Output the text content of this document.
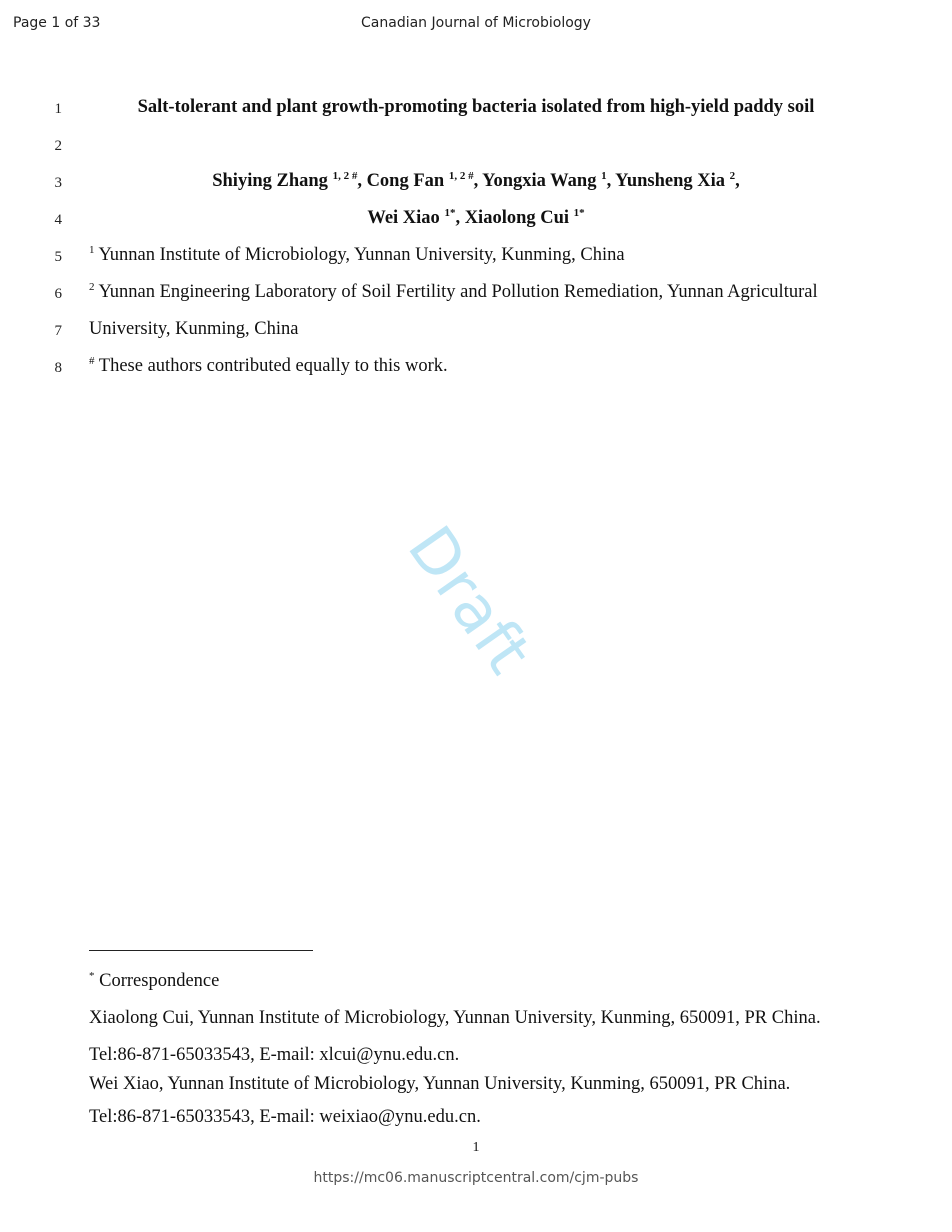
Page 1 of 33	Canadian Journal of Microbiology
1
2
3
4
5
6
7
8
Salt-tolerant and plant growth-promoting bacteria isolated from high-yield paddy soil
Shiying Zhang $^{1, 2 \#}$, Cong Fan $^{1, 2 \#}$, Yongxia Wang $^1$, Yunsheng Xia $^2$,
Wei Xiao $^{1*}$, Xiaolong Cui $^{1*}$
$^1$ Yunnan Institute of Microbiology, Yunnan University, Kunming, China
$^2$ Yunnan Engineering Laboratory of Soil Fertility and Pollution Remediation, Yunnan Agricultural
University, Kunming, China
# These authors contributed equally to this work.
Draft
* Correspondence
Xiaolong Cui, Yunnan Institute of Microbiology, Yunnan University, Kunming, 650091, PR China.
Tel:86-871-65033543, E-mail: xlcui@ynu.edu.cn.
Wei Xiao, Yunnan Institute of Microbiology, Yunnan University, Kunming, 650091, PR China.
Tel:86-871-65033543, E-mail: weixiao@ynu.edu.cn.
1
https://mc06.manuscriptcentral.com/cjm-pubs
